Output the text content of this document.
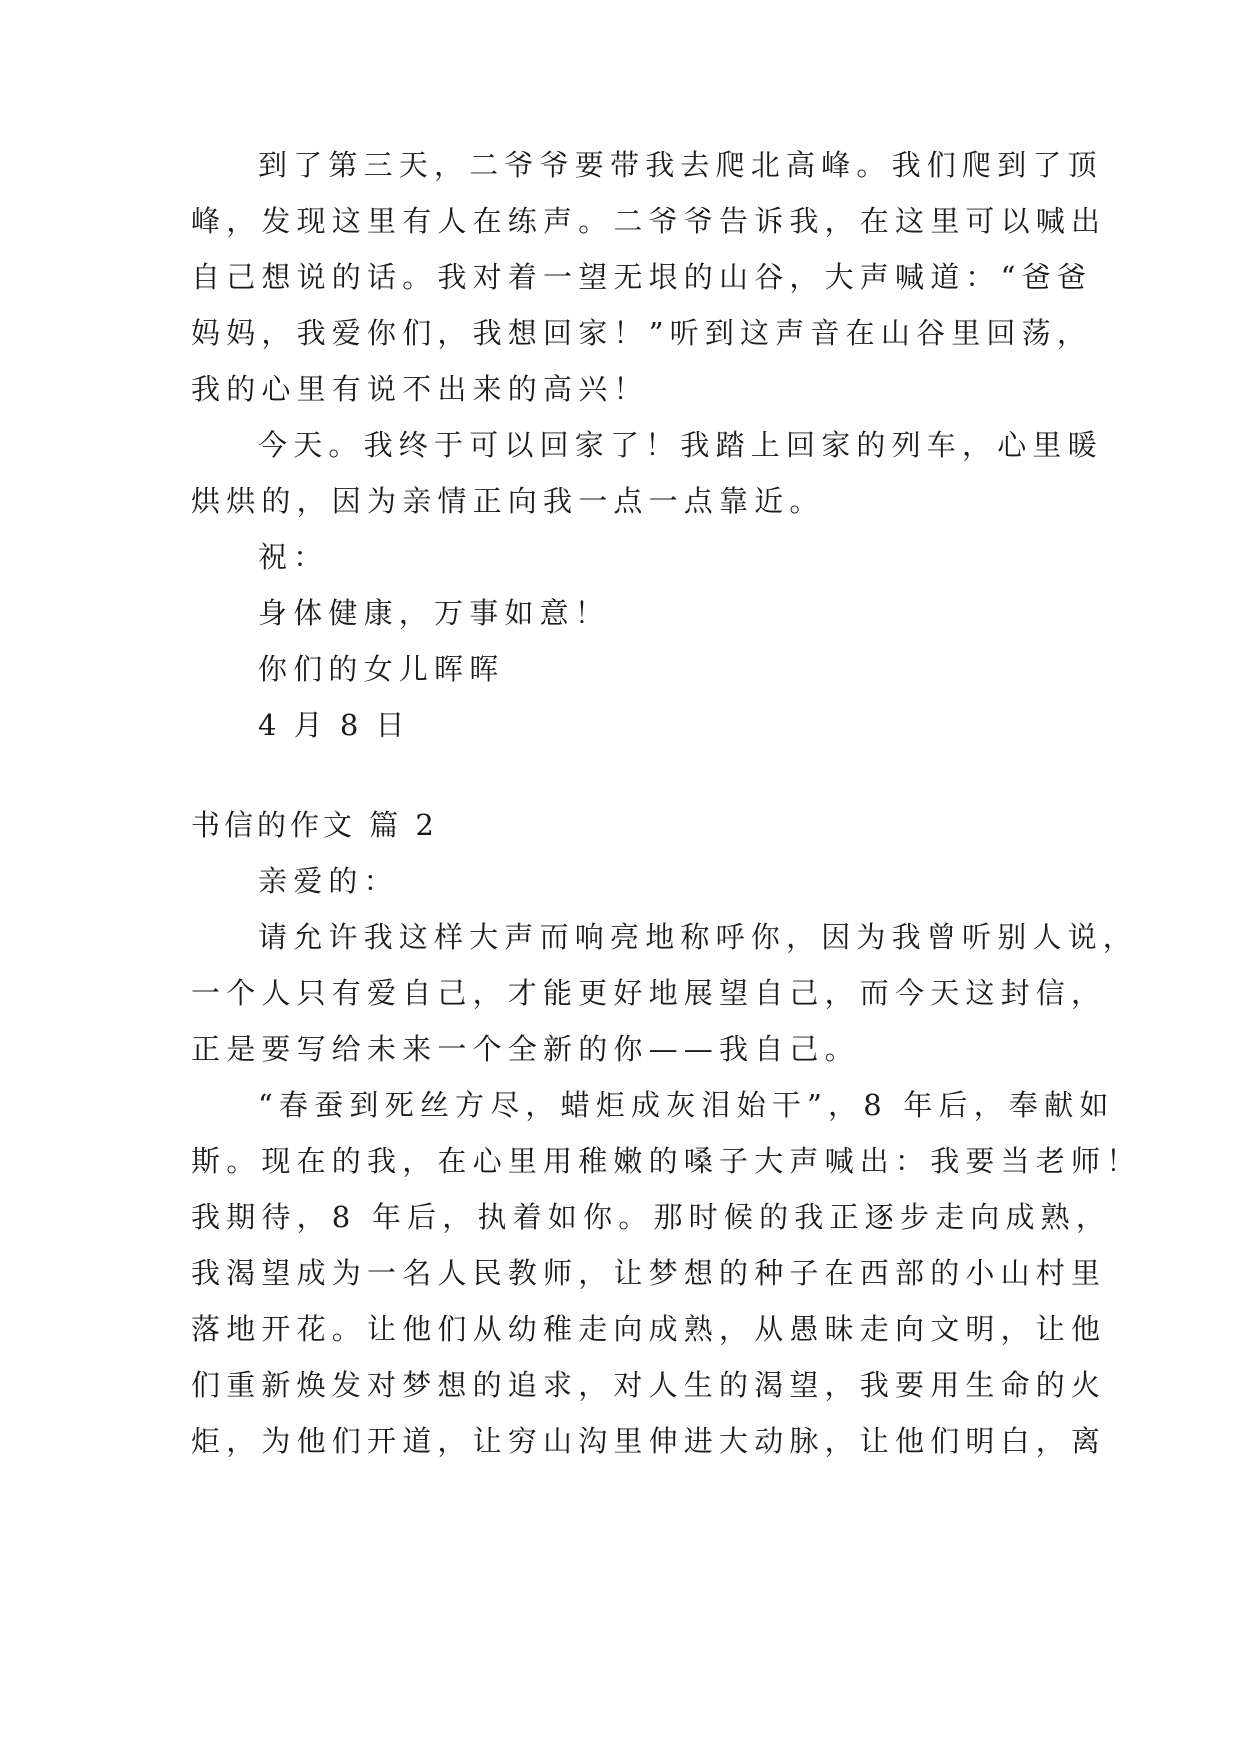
到了第三天，二爷爷要带我去爬北高峰。我们爬到了顶
峰，发现这里有人在练声。二爷爷告诉我，在这里可以喊出
自己想说的话。我对着一望无垠的山谷，大声喊道：“爸爸
妈妈，我爱你们，我想回家！”听到这声音在山谷里回荡，
我的心里有说不出来的高兴！
今天。我终于可以回家了！我踏上回家的列车，心里暖
烘烘的，因为亲情正向我一点一点靠近。
祝：
身体健康，万事如意！
你们的女儿晖晖
4 月 8 日
书信的作文 篇 2
亲爱的：
请允许我这样大声而响亮地称呼你，因为我曾听别人说，
一个人只有爱自己，才能更好地展望自己，而今天这封信，
正是要写给未来一个全新的你——我自己。
“春蚕到死丝方尽，蜡炬成灰泪始干”，8 年后，奉献如
斯。现在的我，在心里用稚嫩的嗓子大声喊出：我要当老师！
我期待，8 年后，执着如你。那时候的我正逐步走向成熟，
我渴望成为一名人民教师，让梦想的种子在西部的小山村里
落地开花。让他们从幼稚走向成熟，从愚昧走向文明，让他
们重新焕发对梦想的追求，对人生的渴望，我要用生命的火
炬，为他们开道，让穷山沟里伸进大动脉，让他们明白，离
